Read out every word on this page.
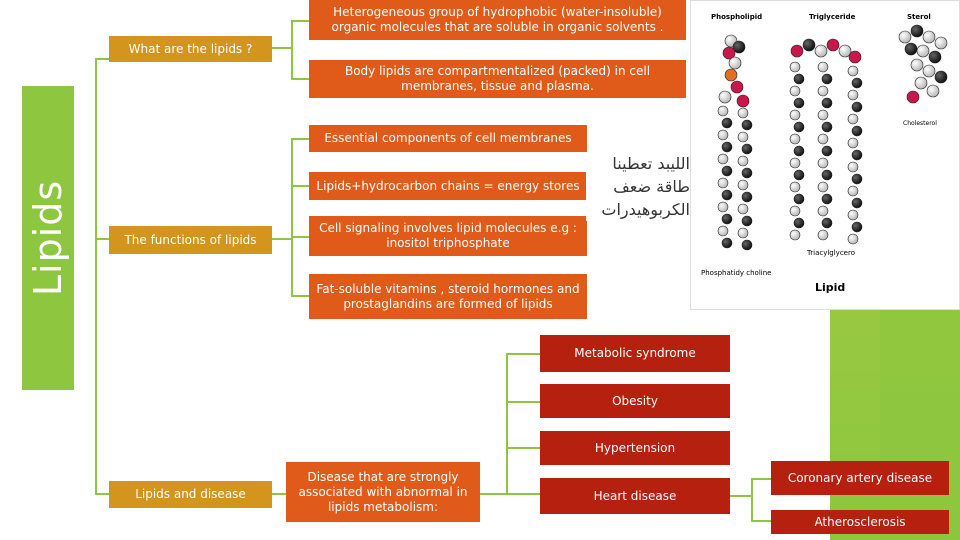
Lipids
What are the lipids ?
The functions of lipids
Lipids and disease
Heterogeneous group of hydrophobic (water-insoluble) organic molecules that are soluble in organic solvents .
Body lipids are compartmentalized (packed) in cell membranes, tissue and plasma.
Essential components of cell membranes
Lipids+hydrocarbon chains = energy stores
Cell signaling involves lipid molecules e.g : inositol triphosphate
Fat-soluble vitamins , steroid hormones and prostaglandins are formed of lipids
الليبد تعطينا طاقة ضعف الكربوهيدرات
Disease that are strongly associated with abnormal in lipids metabolism:
Metabolic syndrome
Obesity
Hypertension
Heart disease
Coronary artery disease
Atherosclerosis
Phospholipid	Triglyceride	Sterol
Cholesterol
Phosphatidy choline
Triacylglycero
Lipid
